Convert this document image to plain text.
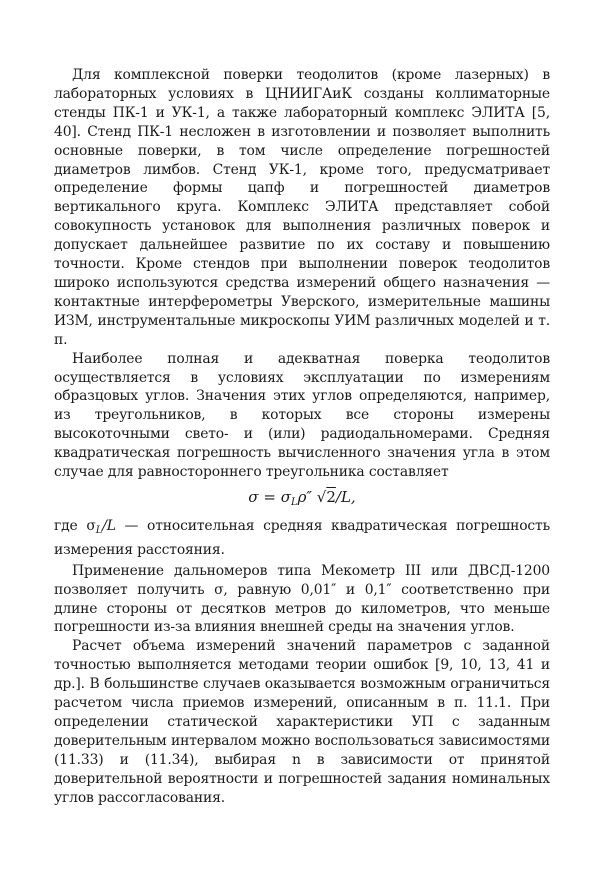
Для комплексной поверки теодолитов (кроме лазерных) в лабораторных условиях в ЦНИИГАиК созданы коллиматорные стенды ПК-1 и УК-1, а также лабораторный комплекс ЭЛИТА [5, 40]. Стенд ПК-1 несложен в изготовлении и позволяет выполнить основные поверки, в том числе определение погрешностей диаметров лимбов. Стенд УК-1, кроме того, предусматривает определение формы цапф и погрешностей диаметров вертикального круга. Комплекс ЭЛИТА представляет собой совокупность установок для выполнения различных поверок и допускает дальнейшее развитие по их составу и повышению точности. Кроме стендов при выполнении поверок теодолитов широко используются средства измерений общего назначения — контактные интерферометры Уверского, измерительные машины ИЗМ, инструментальные микроскопы УИМ различных моделей и т. п.

Наиболее полная и адекватная поверка теодолитов осуществляется в условиях эксплуатации по измерениям образцовых углов. Значения этих углов определяются, например, из треугольников, в которых все стороны измерены высокоточными свето- и (или) радиодальномерами. Средняя квадратическая погрешность вычисленного значения угла в этом случае для равностороннего треугольника составляет

$\sigma = \sigma_L\rho''$ √2/L,

где $\sigma_L/L$ — относительная средняя квадратическая погрешность измерения расстояния.

Применение дальномеров типа Мекометр III или ДВСД-1200 позволяет получить σ, равную 0,01″ и 0,1″ соответственно при длине стороны от десятков метров до километров, что меньше погрешности из-за влияния внешней среды на значения углов.

Расчет объема измерений значений параметров с заданной точностью выполняется методами теории ошибок [9, 10, 13, 41 и др.]. В большинстве случаев оказывается возможным ограничиться расчетом числа приемов измерений, описанным в п. 11.1. При определении статической характеристики УП с заданным доверительным интервалом можно воспользоваться зависимостями (11.33) и (11.34), выбирая n в зависимости от принятой доверительной вероятности и погрешностей задания номинальных углов рассогласования.
